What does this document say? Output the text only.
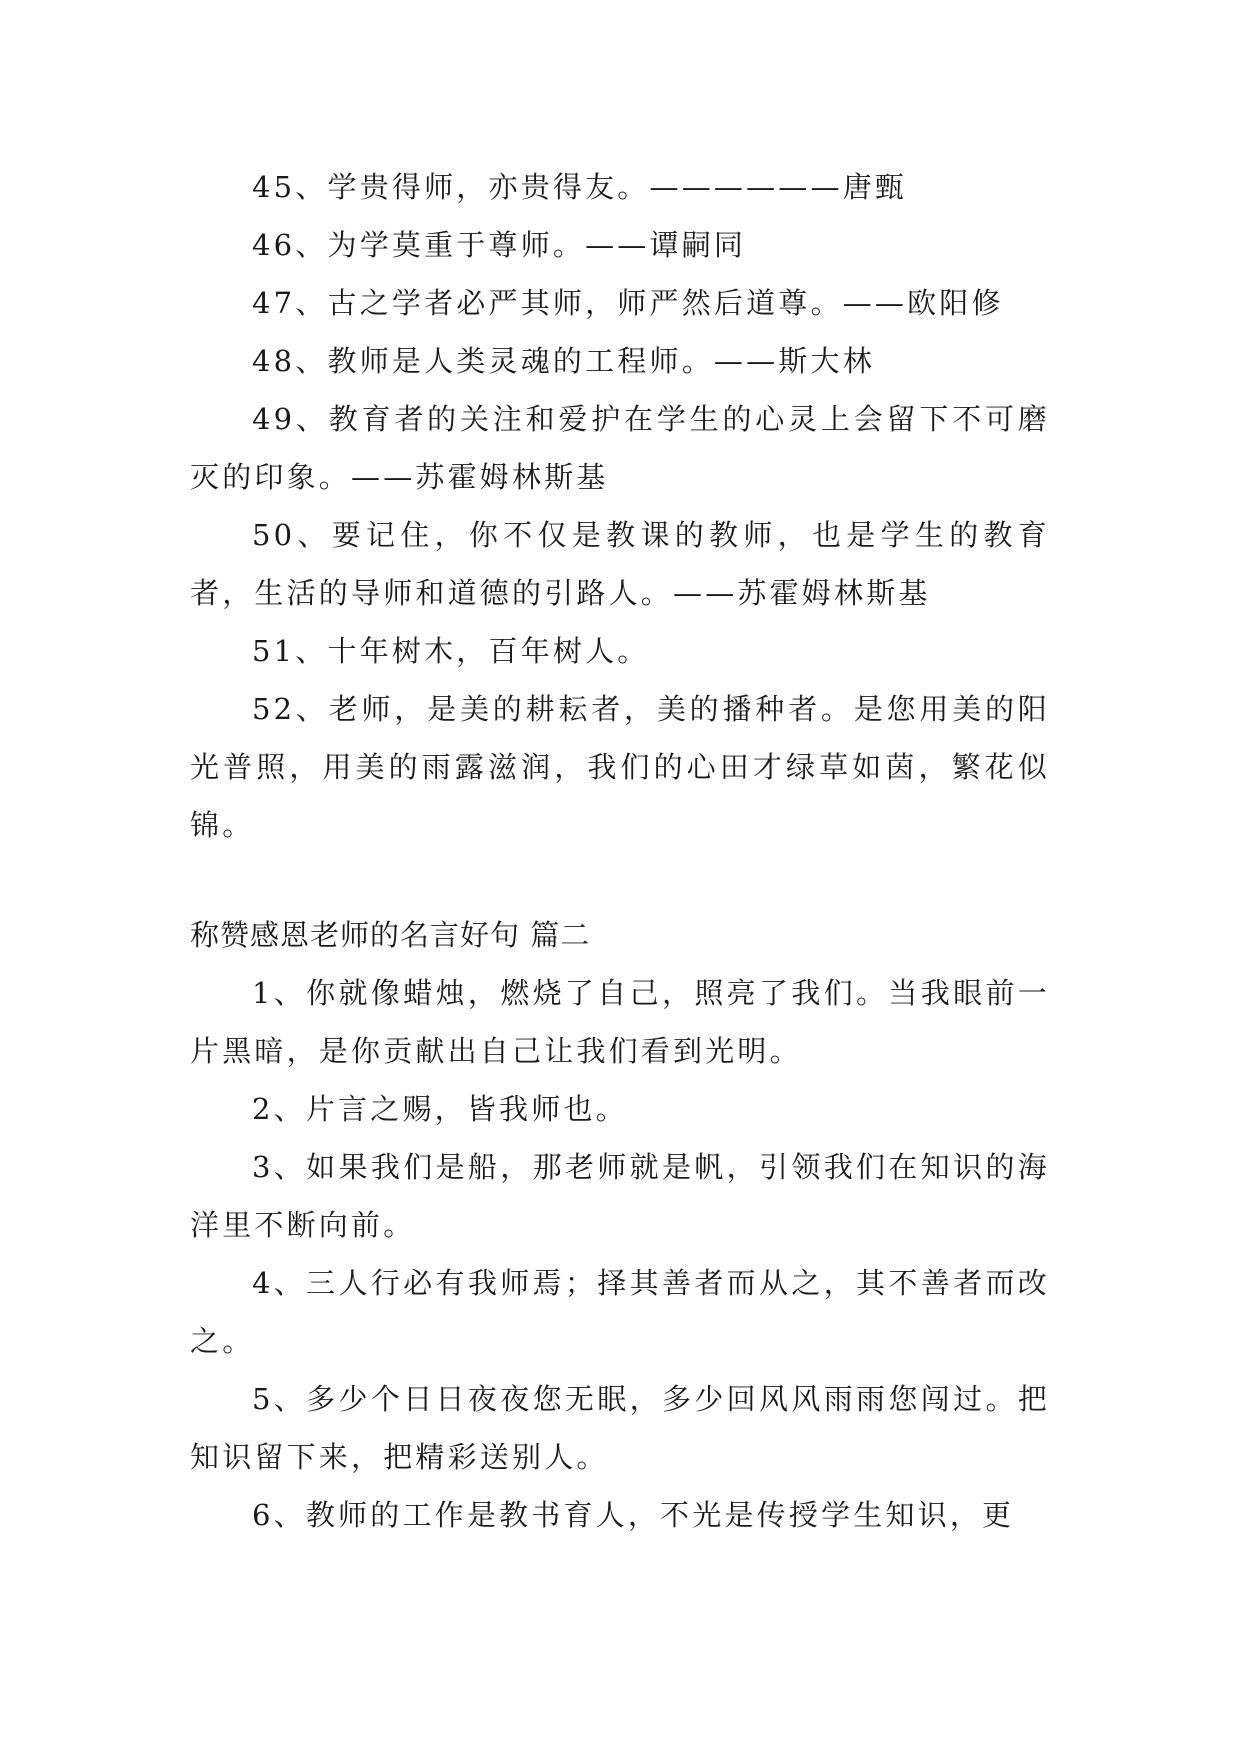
45、学贵得师，亦贵得友。——————唐甄

46、为学莫重于尊师。——谭嗣同

47、古之学者必严其师，师严然后道尊。——欧阳修

48、教师是人类灵魂的工程师。——斯大林

49、教育者的关注和爱护在学生的心灵上会留下不可磨灭的印象。——苏霍姆林斯基

50、要记住，你不仅是教课的教师，也是学生的教育者，生活的导师和道德的引路人。——苏霍姆林斯基

51、十年树木，百年树人。

52、老师，是美的耕耘者，美的播种者。是您用美的阳光普照，用美的雨露滋润，我们的心田才绿草如茵，繁花似锦。

称赞感恩老师的名言好句 篇二

1、你就像蜡烛，燃烧了自己，照亮了我们。当我眼前一片黑暗，是你贡献出自己让我们看到光明。

2、片言之赐，皆我师也。

3、如果我们是船，那老师就是帆，引领我们在知识的海洋里不断向前。

4、三人行必有我师焉；择其善者而从之，其不善者而改之。

5、多少个日日夜夜您无眠，多少回风风雨雨您闯过。把知识留下来，把精彩送别人。

6、教师的工作是教书育人，不光是传授学生知识，更
